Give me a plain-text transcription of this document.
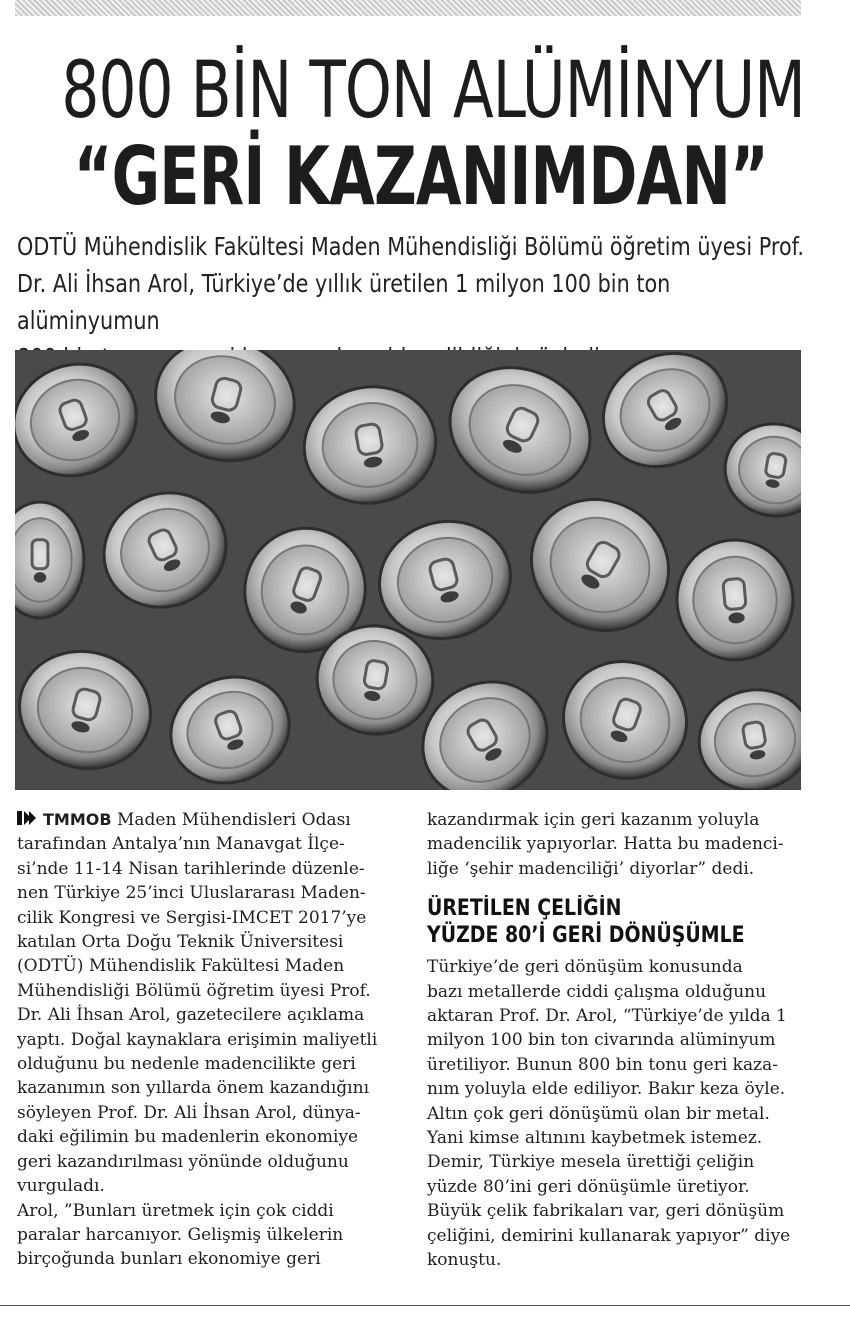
800 BİN TON ALÜMİNYUM
“GERİ KAZANIMDAN”
ODTÜ Mühendislik Fakültesi Maden Mühendisliği Bölümü öğretim üyesi Prof.
Dr. Ali İhsan Arol, Türkiye’de yıllık üretilen 1 milyon 100 bin ton alüminyumun

TMMOB Maden Mühendisleri Odası

tarafından Antalya’nın Manavgat İlçe-
si’nde 11-14 Nisan tarihlerinde düzenle-
nen Türkiye 25’inci Uluslararası Maden-
cilik Kongresi ve Sergisi-IMCET 2017’ye
katılan Orta Doğu Teknik Üniversitesi
(ODTÜ) Mühendislik Fakültesi Maden
Mühendisliği Bölümü öğretim üyesi Prof.
Dr. Ali İhsan Arol, gazetecilere açıklama
yaptı. Doğal kaynaklara erişimin maliyetli
olduğunu bu nedenle madencilikte geri
kazanımın son yıllarda önem kazandığını
söyleyen Prof. Dr. Ali İhsan Arol, dünya-
daki eğilimin bu madenlerin ekonomiye
geri kazandırılması yönünde olduğunu
vurguladı.
Arol, ”Bunları üretmek için çok ciddi
paralar harcanıyor. Gelişmiş ülkelerin
birçoğunda bunları ekonomiye geri
kazandırmak için geri kazanım yoluyla
madencilik yapıyorlar. Hatta bu madenci-
liğe ‘şehir madenciliği’ diyorlar” dedi.
ÜRETİLEN ÇELİĞİN
YÜZDE 80’İ GERİ DÖNÜŞÜMLE
Türkiye’de geri dönüşüm konusunda
bazı metallerde ciddi çalışma olduğunu
aktaran Prof. Dr. Arol, “Türkiye’de yılda 1
milyon 100 bin ton civarında alüminyum
üretiliyor. Bunun 800 bin tonu geri kaza-
nım yoluyla elde ediliyor. Bakır keza öyle.
Altın çok geri dönüşümü olan bir metal.
Yani kimse altınını kaybetmek istemez.
Demir, Türkiye mesela ürettiği çeliğin
yüzde 80’ini geri dönüşümle üretiyor.
Büyük çelik fabrikaları var, geri dönüşüm
çeliğini, demirini kullanarak yapıyor” diye
konuştu.
